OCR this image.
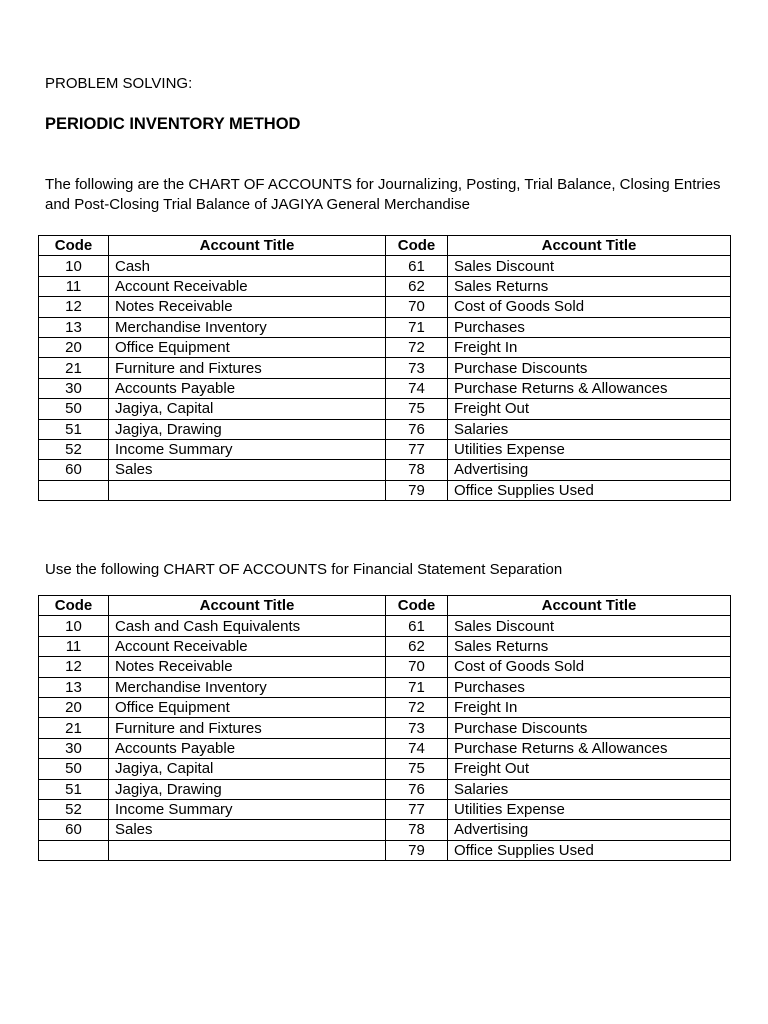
PROBLEM SOLVING:
PERIODIC INVENTORY METHOD
The following are the CHART OF ACCOUNTS for Journalizing, Posting, Trial Balance, Closing Entries and Post-Closing Trial Balance of JAGIYA General Merchandise
Code	Account Title	Code	Account Title
10	Cash	61	Sales Discount
11	Account Receivable	62	Sales Returns
12	Notes Receivable	70	Cost of Goods Sold
13	Merchandise Inventory	71	Purchases
20	Office Equipment	72	Freight In
21	Furniture and Fixtures	73	Purchase Discounts
30	Accounts Payable	74	Purchase Returns & Allowances
50	Jagiya, Capital	75	Freight Out
51	Jagiya, Drawing	76	Salaries
52	Income Summary	77	Utilities Expense
60	Sales	78	Advertising
		79	Office Supplies Used
Use the following CHART OF ACCOUNTS for Financial Statement Separation
Code	Account Title	Code	Account Title
10	Cash and Cash Equivalents	61	Sales Discount
11	Account Receivable	62	Sales Returns
12	Notes Receivable	70	Cost of Goods Sold
13	Merchandise Inventory	71	Purchases
20	Office Equipment	72	Freight In
21	Furniture and Fixtures	73	Purchase Discounts
30	Accounts Payable	74	Purchase Returns & Allowances
50	Jagiya, Capital	75	Freight Out
51	Jagiya, Drawing	76	Salaries
52	Income Summary	77	Utilities Expense
60	Sales	78	Advertising
		79	Office Supplies Used
